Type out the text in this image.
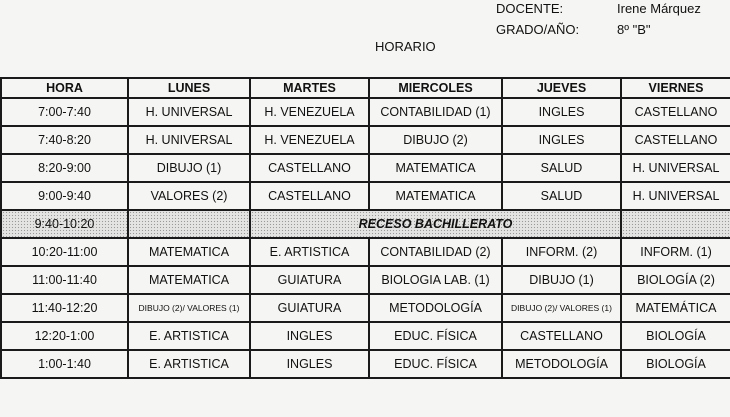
DOCENTE:	Irene Márquez
GRADO/AÑO:	8º "B"
HORARIO
HORA	LUNES	MARTES	MIERCOLES	JUEVES	VIERNES
7:00-7:40	H. UNIVERSAL	H. VENEZUELA	CONTABILIDAD (1)	INGLES	CASTELLANO
7:40-8:20	H. UNIVERSAL	H. VENEZUELA	DIBUJO (2)	INGLES	CASTELLANO
8:20-9:00	DIBUJO (1)	CASTELLANO	MATEMATICA	SALUD	H. UNIVERSAL
9:00-9:40	VALORES (2)	CASTELLANO	MATEMATICA	SALUD	H. UNIVERSAL
9:40-10:20		RECESO BACHILLERATO			
10:20-11:00	MATEMATICA	E. ARTISTICA	CONTABILIDAD (2)	INFORM. (2)	INFORM. (1)
11:00-11:40	MATEMATICA	GUIATURA	BIOLOGIA LAB. (1)	DIBUJO (1)	BIOLOGÍA (2)
11:40-12:20	DIBUJO (2)/ VALORES (1)	GUIATURA	METODOLOGÍA	DIBUJO (2)/ VALORES (1)	MATEMÁTICA
12:20-1:00	E. ARTISTICA	INGLES	EDUC. FÍSICA	CASTELLANO	BIOLOGÍA
1:00-1:40	E. ARTISTICA	INGLES	EDUC. FÍSICA	METODOLOGÍA	BIOLOGÍA
